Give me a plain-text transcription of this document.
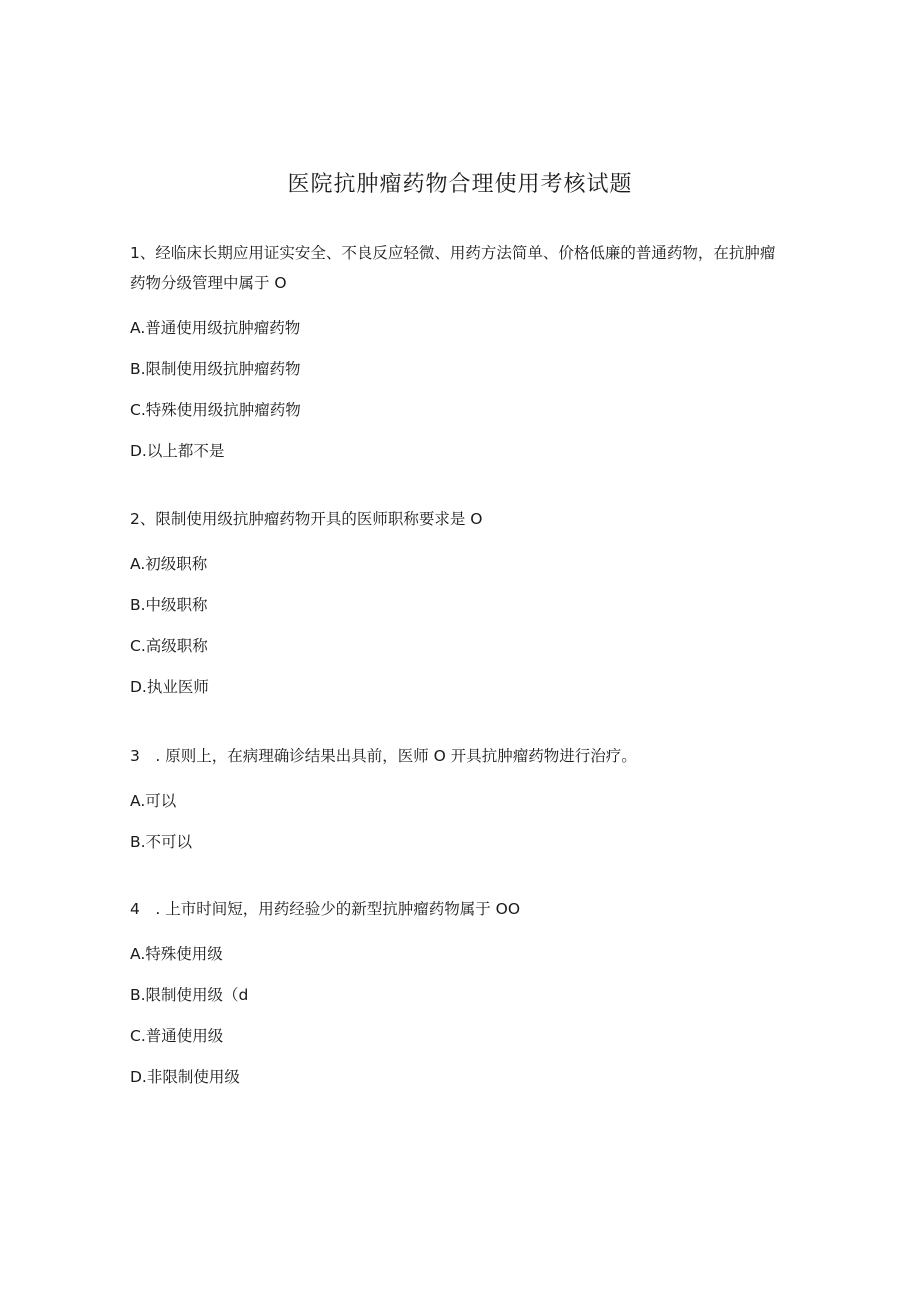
医院抗肿瘤药物合理使用考核试题

1、经临床长期应用证实安全、不良反应轻微、用药方法简单、价格低廉的普通药物，在抗肿瘤药物分级管理中属于 O

A.普通使用级抗肿瘤药物
B.限制使用级抗肿瘤药物
C.特殊使用级抗肿瘤药物
D.以上都不是

2、限制使用级抗肿瘤药物开具的医师职称要求是 O

A.初级职称
B.中级职称
C.高级职称
D.执业医师

3　. 原则上，在病理确诊结果出具前，医师 O 开具抗肿瘤药物进行治疗。

A.可以
B.不可以

4　. 上市时间短，用药经验少的新型抗肿瘤药物属于 OO

A.特殊使用级
B.限制使用级（d
C.普通使用级
D.非限制使用级
